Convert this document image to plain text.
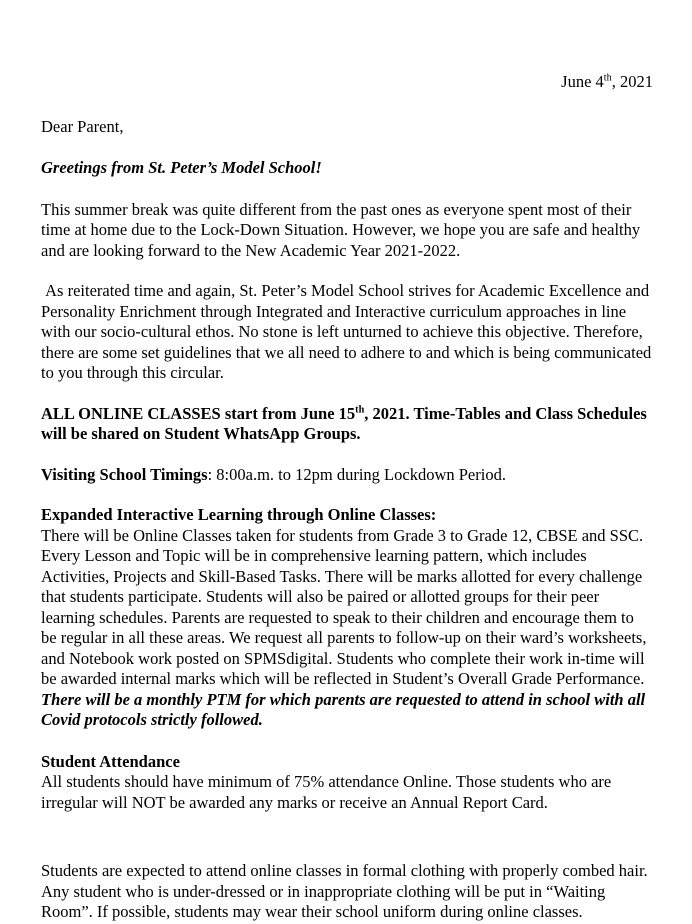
June 4th, 2021

Dear Parent,

Greetings from St. Peter’s Model School!

This summer break was quite different from the past ones as everyone spent most of their time at home due to the Lock-Down Situation. However, we hope you are safe and healthy and are looking forward to the New Academic Year 2021-2022.

As reiterated time and again, St. Peter’s Model School strives for Academic Excellence and Personality Enrichment through Integrated and Interactive curriculum approaches in line with our socio-cultural ethos. No stone is left unturned to achieve this objective. Therefore, there are some set guidelines that we all need to adhere to and which is being communicated to you through this circular.

ALL ONLINE CLASSES start from June 15th, 2021. Time-Tables and Class Schedules will be shared on Student WhatsApp Groups.

Visiting School Timings: 8:00a.m. to 12pm during Lockdown Period.

Expanded Interactive Learning through Online Classes:

There will be Online Classes taken for students from Grade 3 to Grade 12, CBSE and SSC. Every Lesson and Topic will be in comprehensive learning pattern, which includes Activities, Projects and Skill-Based Tasks. There will be marks allotted for every challenge that students participate. Students will also be paired or allotted groups for their peer learning schedules. Parents are requested to speak to their children and encourage them to be regular in all these areas. We request all parents to follow-up on their ward’s worksheets, and Notebook work posted on SPMSdigital. Students who complete their work in-time will be awarded internal marks which will be reflected in Student’s Overall Grade Performance. There will be a monthly PTM for which parents are requested to attend in school with all Covid protocols strictly followed.

Student Attendance

All students should have minimum of 75% attendance Online. Those students who are irregular will NOT be awarded any marks or receive an Annual Report Card.

Students are expected to attend online classes in formal clothing with properly combed hair. Any student who is under-dressed or in inappropriate clothing will be put in “Waiting Room”. If possible, students may wear their school uniform during online classes.
